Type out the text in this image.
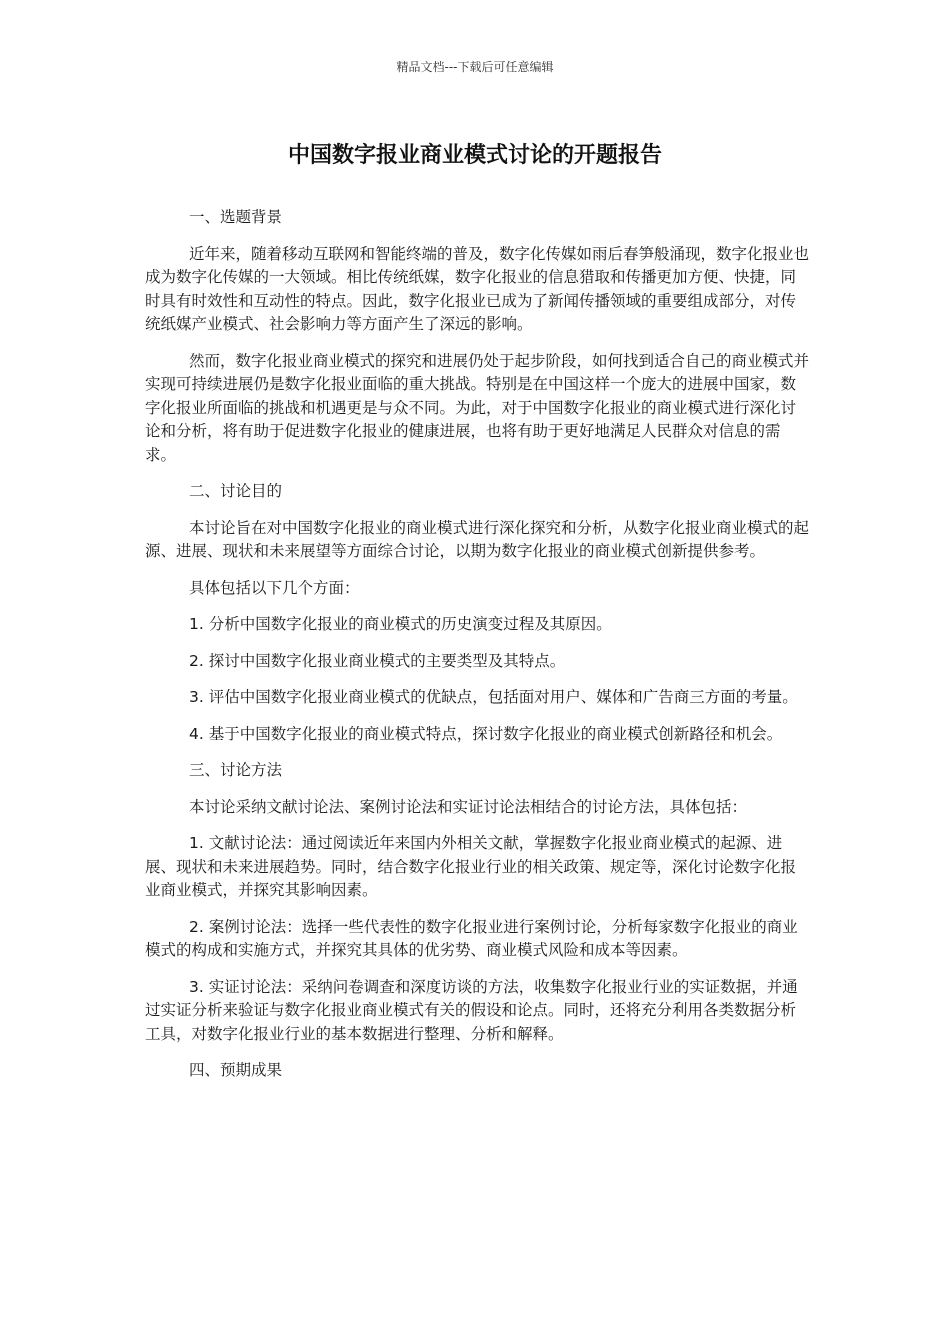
精品文档---下载后可任意编辑
中国数字报业商业模式讨论的开题报告

一、选题背景

近年来，随着移动互联网和智能终端的普及，数字化传媒如雨后春笋般涌现，数字化报业也成为数字化传媒的一大领域。相比传统纸媒，数字化报业的信息猎取和传播更加方便、快捷，同时具有时效性和互动性的特点。因此，数字化报业已成为了新闻传播领域的重要组成部分，对传统纸媒产业模式、社会影响力等方面产生了深远的影响。

然而，数字化报业商业模式的探究和进展仍处于起步阶段，如何找到适合自己的商业模式并实现可持续进展仍是数字化报业面临的重大挑战。特别是在中国这样一个庞大的进展中国家，数字化报业所面临的挑战和机遇更是与众不同。为此，对于中国数字化报业的商业模式进行深化讨论和分析，将有助于促进数字化报业的健康进展，也将有助于更好地满足人民群众对信息的需求。

二、讨论目的

本讨论旨在对中国数字化报业的商业模式进行深化探究和分析，从数字化报业商业模式的起源、进展、现状和未来展望等方面综合讨论，以期为数字化报业的商业模式创新提供参考。

具体包括以下几个方面：

1. 分析中国数字化报业的商业模式的历史演变过程及其原因。

2. 探讨中国数字化报业商业模式的主要类型及其特点。

3. 评估中国数字化报业商业模式的优缺点，包括面对用户、媒体和广告商三方面的考量。

4. 基于中国数字化报业的商业模式特点，探讨数字化报业的商业模式创新路径和机会。

三、讨论方法

本讨论采纳文献讨论法、案例讨论法和实证讨论法相结合的讨论方法，具体包括：

1. 文献讨论法：通过阅读近年来国内外相关文献，掌握数字化报业商业模式的起源、进展、现状和未来进展趋势。同时，结合数字化报业行业的相关政策、规定等，深化讨论数字化报业商业模式，并探究其影响因素。

2. 案例讨论法：选择一些代表性的数字化报业进行案例讨论，分析每家数字化报业的商业模式的构成和实施方式，并探究其具体的优劣势、商业模式风险和成本等因素。

3. 实证讨论法：采纳问卷调查和深度访谈的方法，收集数字化报业行业的实证数据，并通过实证分析来验证与数字化报业商业模式有关的假设和论点。同时，还将充分利用各类数据分析工具，对数字化报业行业的基本数据进行整理、分析和解释。

四、预期成果
